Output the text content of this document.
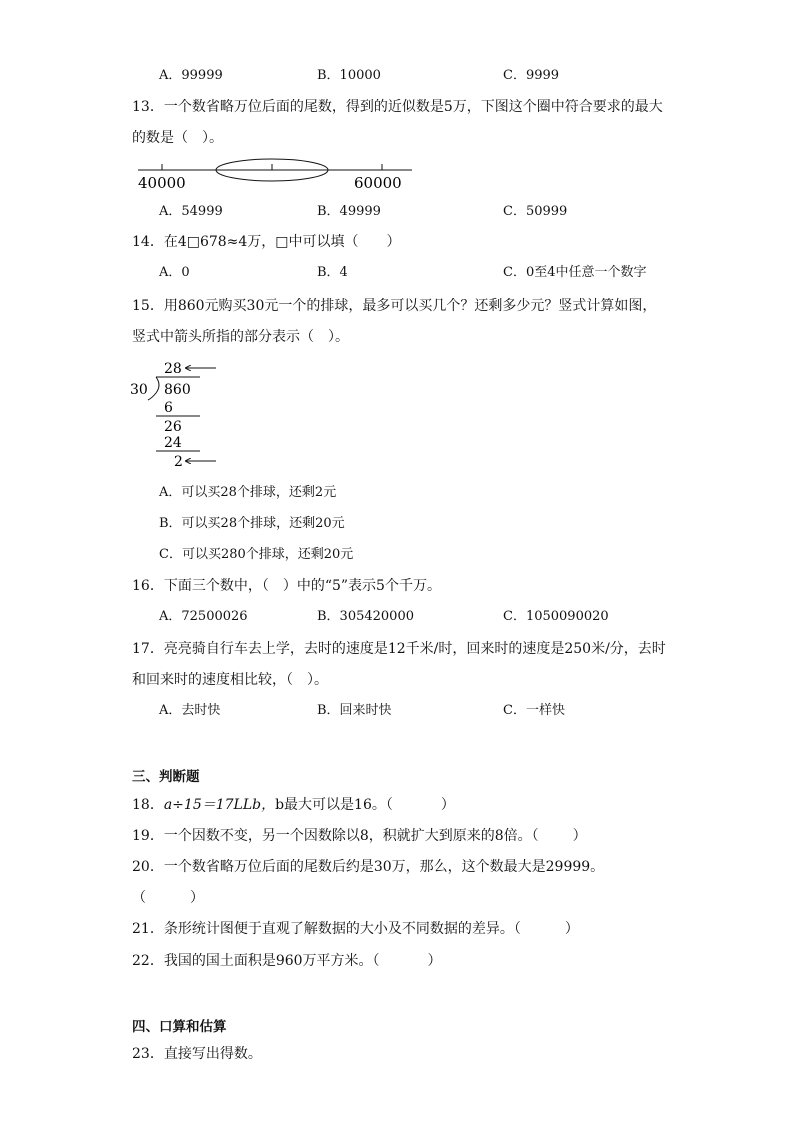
A．99999	B．10000	C．9999
13．一个数省略万位后面的尾数，得到的近似数是5万，下图这个圈中符合要求的最大
的数是（　）。
40000	60000
A．54999	B．49999	C．50999
14．在4□678≈4万，□中可以填（　　）
A．0	B．4	C．0至4中任意一个数字
15．用860元购买30元一个的排球，最多可以买几个？还剩多少元？竖式计算如图，
竖式中箭头所指的部分表示（　）。
28
30 860
6
26
24
2
A．可以买28个排球，还剩2元
B．可以买28个排球，还剩20元
C．可以买280个排球，还剩20元
16．下面三个数中，（　）中的“5”表示5个千万。
A．72500026	B．305420000	C．1050090020
17．亮亮骑自行车去上学，去时的速度是12千米/时，回来时的速度是250米/分，去时
和回来时的速度相比较，（　）。
A．去时快	B．回来时快	C．一样快
三、判断题
18．a÷15＝17LLb，b最大可以是16。（	）
19．一个因数不变，另一个因数除以8，积就扩大到原来的8倍。（ ）
20．一个数省略万位后面的尾数后约是30万，那么，这个数最大是29999。
（	）
21．条形统计图便于直观了解数据的大小及不同数据的差异。（	）
22．我国的国土面积是960万平方米。（	）
四、口算和估算
23．直接写出得数。
